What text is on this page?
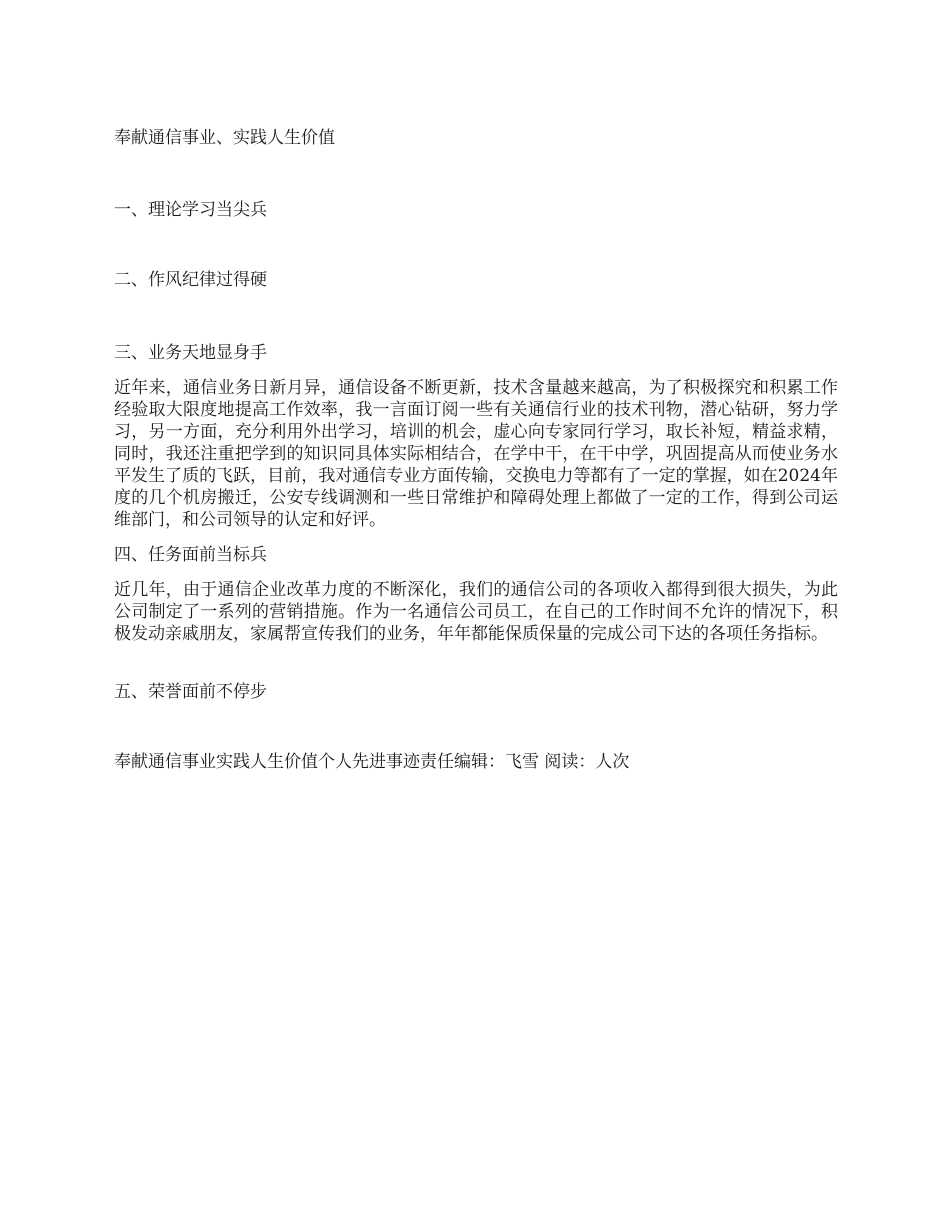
奉献通信事业、实践人生价值

一、理论学习当尖兵

二、作风纪律过得硬

三、业务天地显身手

近年来，通信业务日新月异，通信设备不断更新，技术含量越来越高，为了积极探究和积累工作经验取大限度地提高工作效率，我一言面订阅一些有关通信行业的技术刊物，潜心钻研，努力学习，另一方面，充分利用外出学习，培训的机会，虚心向专家同行学习，取长补短，精益求精，同时，我还注重把学到的知识同具体实际相结合，在学中干，在干中学，巩固提高从而使业务水平发生了质的飞跃，目前，我对通信专业方面传输，交换电力等都有了一定的掌握，如在2024年度的几个机房搬迁，公安专线调测和一些日常维护和障碍处理上都做了一定的工作，得到公司运维部门，和公司领导的认定和好评。

四、任务面前当标兵

近几年，由于通信企业改革力度的不断深化，我们的通信公司的各项收入都得到很大损失，为此公司制定了一系列的营销措施。作为一名通信公司员工，在自己的工作时间不允许的情况下，积极发动亲戚朋友，家属帮宣传我们的业务，年年都能保质保量的完成公司下达的各项任务指标。

五、荣誉面前不停步

奉献通信事业实践人生价值个人先进事迹责任编辑：飞雪 阅读：人次
